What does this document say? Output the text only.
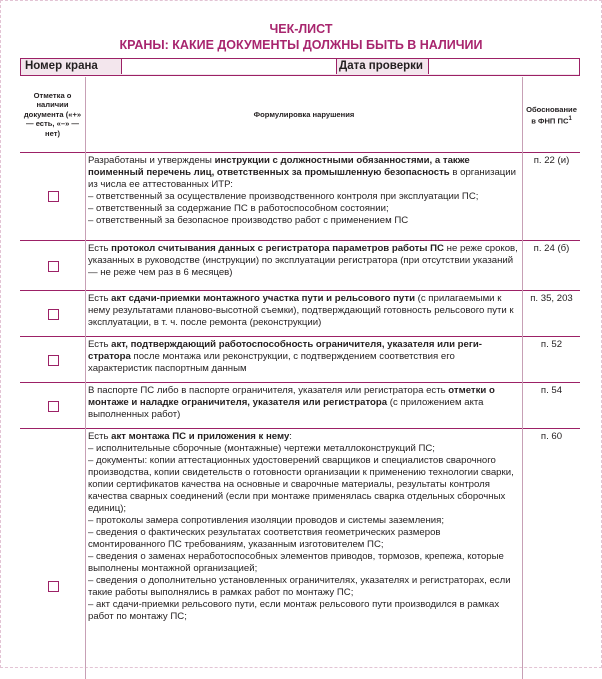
ЧЕК-ЛИСТ
КРАНЫ: КАКИЕ ДОКУМЕНТЫ ДОЛЖНЫ БЫТЬ В НАЛИЧИИ
Номер крана	Дата проверки
Отметка о наличии документа («+» — есть, «–» — нет)
Формулировка нарушения
Обоснование в ФНП $ПС^1$

Разработаны и утверждены инструкции с должностными обязанностями, а также поименный перечень лиц, ответственных за промышленную безопасность в организации из числа ее аттестованных ИТР:

– ответственный за осуществление производственного контроля при эксплуатации ПС;

– ответственный за содержание ПС в работоспособном состоянии;

– ответственный за безопасное производство работ с применением ПС

п. 22 (и)

Есть протокол считывания данных с регистратора параметров работы ПС не реже сроков, указанных в руководстве (инструкции) по эксплуатации регистратора (при отсутствии указаний — не реже чем раз в 6 месяцев)

п. 24 (б)

Есть акт сдачи-приемки монтажного участка пути и рельсового пути (с прилагаемыми к нему результатами планово-высотной съемки), подтверждающий готовность рельсового пути к эксплуатации, в т. ч. после ремонта (реконструкции)

п. 35, 203

Есть акт, подтверждающий работоспособность ограничителя, указателя или регистратора после монтажа или реконструкции, с подтверждением соответствия его характеристик паспортным данным

п. 52

В паспорте ПС либо в паспорте ограничителя, указателя или регистратора есть отметки о монтаже и наладке ограничителя, указателя или регистратора (с приложением акта выполненных работ)

п. 54

Есть акт монтажа ПС и приложения к нему:

– исполнительные сборочные (монтажные) чертежи металлоконструкций ПС;

– документы: копии аттестационных удостоверений сварщиков и специалистов сварочного производства, копии свидетельств о готовности организации к применению технологии сварки, копии сертификатов качества на основные и сварочные материалы, результаты контроля качества сварных соединений (если при монтаже применялась сварка отдельных сборочных единиц);

– протоколы замера сопротивления изоляции проводов и системы заземления;

– сведения о фактических результатах соответствия геометрических размеров смонтированного ПС требованиям, указанным изготовителем ПС;

– сведения о заменах неработоспособных элементов приводов, тормозов, крепежа, которые выполнены монтажной организацией;

– сведения о дополнительно установленных ограничителях, указателях и регистраторах, если такие работы выполнялись в рамках работ по монтажу ПС;

– акт сдачи-приемки рельсового пути, если монтаж рельсового пути производился в рамках работ по монтажу ПС;

п. 60
